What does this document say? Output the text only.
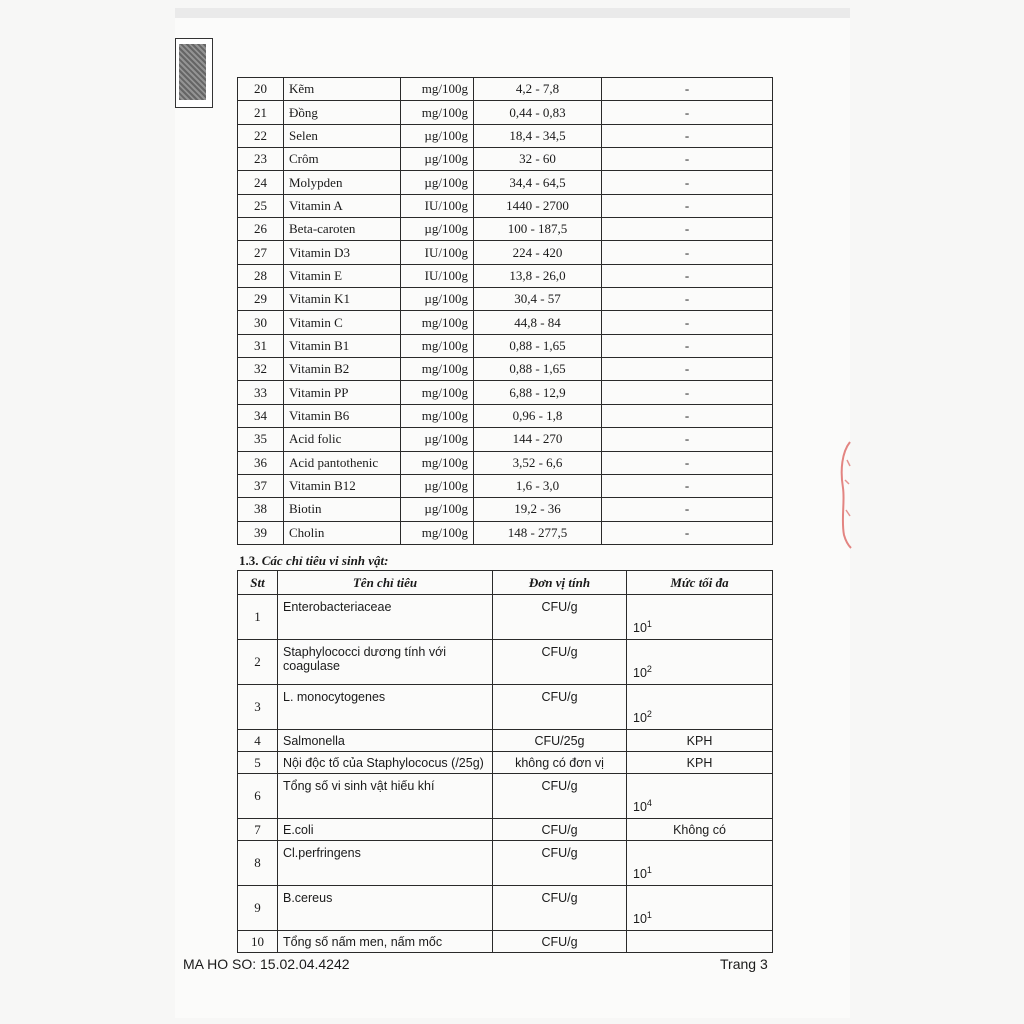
20	Kẽm	mg/100g	4,2 - 7,8	-
21	Đồng	mg/100g	0,44 - 0,83	-
22	Selen	µg/100g	18,4 - 34,5	-
23	Crôm	µg/100g	32 - 60	-
24	Molypden	µg/100g	34,4 - 64,5	-
25	Vitamin A	IU/100g	1440 - 2700	-
26	Beta-caroten	µg/100g	100 - 187,5	-
27	Vitamin D3	IU/100g	224 - 420	-
28	Vitamin E	IU/100g	13,8 - 26,0	-
29	Vitamin K1	µg/100g	30,4 - 57	-
30	Vitamin C	mg/100g	44,8 - 84	-
31	Vitamin B1	mg/100g	0,88 - 1,65	-
32	Vitamin B2	mg/100g	0,88 - 1,65	-
33	Vitamin PP	mg/100g	6,88 - 12,9	-
34	Vitamin B6	mg/100g	0,96 - 1,8	-
35	Acid folic	µg/100g	144 - 270	-
36	Acid pantothenic	mg/100g	3,52 - 6,6	-
37	Vitamin B12	µg/100g	1,6 - 3,0	-
38	Biotin	µg/100g	19,2 - 36	-
39	Cholin	mg/100g	148 - 277,5	-
1.3. Các chỉ tiêu vi sinh vật:
Stt	Tên chỉ tiêu	Đơn vị tính	Mức tối đa
1	Enterobacteriaceae	CFU/g	$10^1$
2	Staphylococci dương tính với coagulase	CFU/g	$10^2$
3	L. monocytogenes	CFU/g	$10^2$
4	Salmonella	CFU/25g	KPH
5	Nội độc tố của Staphylococus (/25g)	không có đơn vị	KPH
6	Tổng số vi sinh vật hiếu khí	CFU/g	$10^4$
7	E.coli	CFU/g	Không có
8	Cl.perfringens	CFU/g	$10^1$
9	B.cereus	CFU/g	$10^1$
10	Tổng số nấm men, nấm mốc	CFU/g	
MA HO SO: 15.02.04.4242	Trang 3
